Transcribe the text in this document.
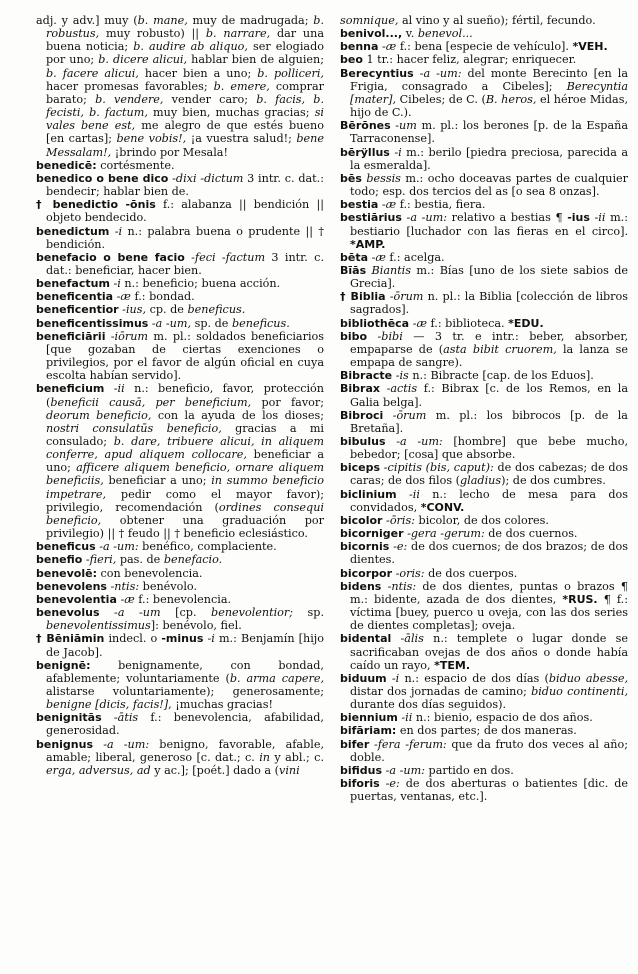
adj. y adv.] muy (b. mane, muy de madrugada; b. robustus, muy robusto) || b. narrare, dar una buena noticia; b. audire ab aliquo, ser elogiado por uno; b. dicere alicui, hablar bien de alguien; b. facere alicui, hacer bien a uno; b. polliceri, hacer promesas favorables; b. emere, comprar barato; b. vendere, vender caro; b. facis, b. fecisti, b. factum, muy bien, muchas gracias; si vales bene est, me alegro de que estés bueno [en cartas]; bene vobis!, ¡a vuestra salud!; bene Messalam!, ¡brindo por Mesala!

benedicē: cortésmente.

benedico o bene dico -dixi -dictum 3 intr. c. dat.: bendecir; hablar bien de.

† benedictio -ōnis f.: alabanza || bendición || objeto bendecido.

benedictum -i n.: palabra buena o prudente || † bendición.

benefacio o bene facio -feci -factum 3 intr. c. dat.: beneficiar, hacer bien.

benefactum -i n.: beneficio; buena acción.

beneficentia -æ f.: bondad.

beneficentior -ius, cp. de beneficus.

beneficentissimus -a -um, sp. de beneficus.

beneficiārii -iōrum m. pl.: soldados beneficiarios [que gozaban de ciertas exenciones o privilegios, por el favor de algún oficial en cuya escolta habían servido].

beneficium -ii n.: beneficio, favor, protección (beneficii causā, per beneficium, por favor; deorum beneficio, con la ayuda de los dioses; nostri consulatūs beneficio, gracias a mi consulado; b. dare, tribuere alicui, in aliquem conferre, apud aliquem collocare, beneficiar a uno; afficere aliquem beneficio, ornare aliquem beneficiis, beneficiar a uno; in summo beneficio impetrare, pedir como el mayor favor); privilegio, recomendación (ordines consequi beneficio, obtener una graduación por privilegio) || † feudo || † beneficio eclesiástico.

beneficus -a -um: benéfico, complaciente.

benefio -fieri, pas. de benefacio.

benevolē: con benevolencia.

benevolens -ntis: benévolo.

benevolentia -æ f.: benevolencia.

benevolus -a -um [cp. benevolentior; sp. benevolentissimus]: benévolo, fiel.

† Bēniāmin indecl. o -minus -i m.: Benjamín [hijo de Jacob].

benignē: benignamente, con bondad, afablemente; voluntariamente (b. arma capere, alistarse voluntariamente); generosamente; benigne [dicis, facis!], ¡muchas gracias!

benignitās -ātis f.: benevolencia, afabilidad, generosidad.

benignus -a -um: benigno, favorable, afable, amable; liberal, generoso [c. dat.; c. in y abl.; c. erga, adversus, ad y ac.]; [poét.] dado a (vini

somnique, al vino y al sueño); fértil, fecundo.

benivol..., v. benevol...

benna -æ f.: bena [especie de vehículo]. *VEH.

beo 1 tr.: hacer feliz, alegrar; enriquecer.

Berecyntius -a -um: del monte Berecinto [en la Frigia, consagrado a Cibeles]; Berecyntia [mater], Cibeles; de C. (B. heros, el héroe Midas, hijo de C.).

Bērōnes -um m. pl.: los berones [p. de la España Tarraconense].

bērÿllus -i m.: berilo [piedra preciosa, parecida a la esmeralda].

bēs bessis m.: ocho doceavas partes de cualquier todo; esp. dos tercios del as [o sea 8 onzas].

bestia -æ f.: bestia, fiera.

bestiārius -a -um: relativo a bestias ¶ -ius -ii m.: bestiario [luchador con las fieras en el circo]. *AMP.

bēta -æ f.: acelga.

Bīās Biantis m.: Bías [uno de los siete sabios de Grecia].

† Biblia -ōrum n. pl.: la Biblia [colección de libros sagrados].

bibliothēca -æ f.: biblioteca. *EDU.

bibo -bibi — 3 tr. e intr.: beber, absorber, empaparse de (asta bibit cruorem, la lanza se empapa de sangre).

Bibracte -is n.: Bibracte [cap. de los Eduos].

Bibrax -actis f.: Bibrax [c. de los Remos, en la Galia belga].

Bibroci -ōrum m. pl.: los bibrocos [p. de la Bretaña].

bibulus -a -um: [hombre] que bebe mucho, bebedor; [cosa] que absorbe.

biceps -cipitis (bis, caput): de dos cabezas; de dos caras; de dos filos (gladius); de dos cumbres.

biclinium -ii n.: lecho de mesa para dos convidados, *CONV.

bicolor -ōris: bicolor, de dos colores.

bicorniger -gera -gerum: de dos cuernos.

bicornis -e: de dos cuernos; de dos brazos; de dos dientes.

bicorpor -oris: de dos cuerpos.

bidens -ntis: de dos dientes, puntas o brazos ¶ m.: bidente, azada de dos dientes, *RUS. ¶ f.: víctima [buey, puerco u oveja, con las dos series de dientes completas]; oveja.

bidental -ālis n.: templete o lugar donde se sacrificaban ovejas de dos años o donde había caído un rayo, *TEM.

biduum -i n.: espacio de dos días (biduo abesse, distar dos jornadas de camino; biduo continenti, durante dos días seguidos).

biennium -ii n.: bienio, espacio de dos años.

bifāriam: en dos partes; de dos maneras.

bifer -fera -ferum: que da fruto dos veces al año; doble.

bifidus -a -um: partido en dos.

biforis -e: de dos aberturas o batientes [dic. de puertas, ventanas, etc.].
